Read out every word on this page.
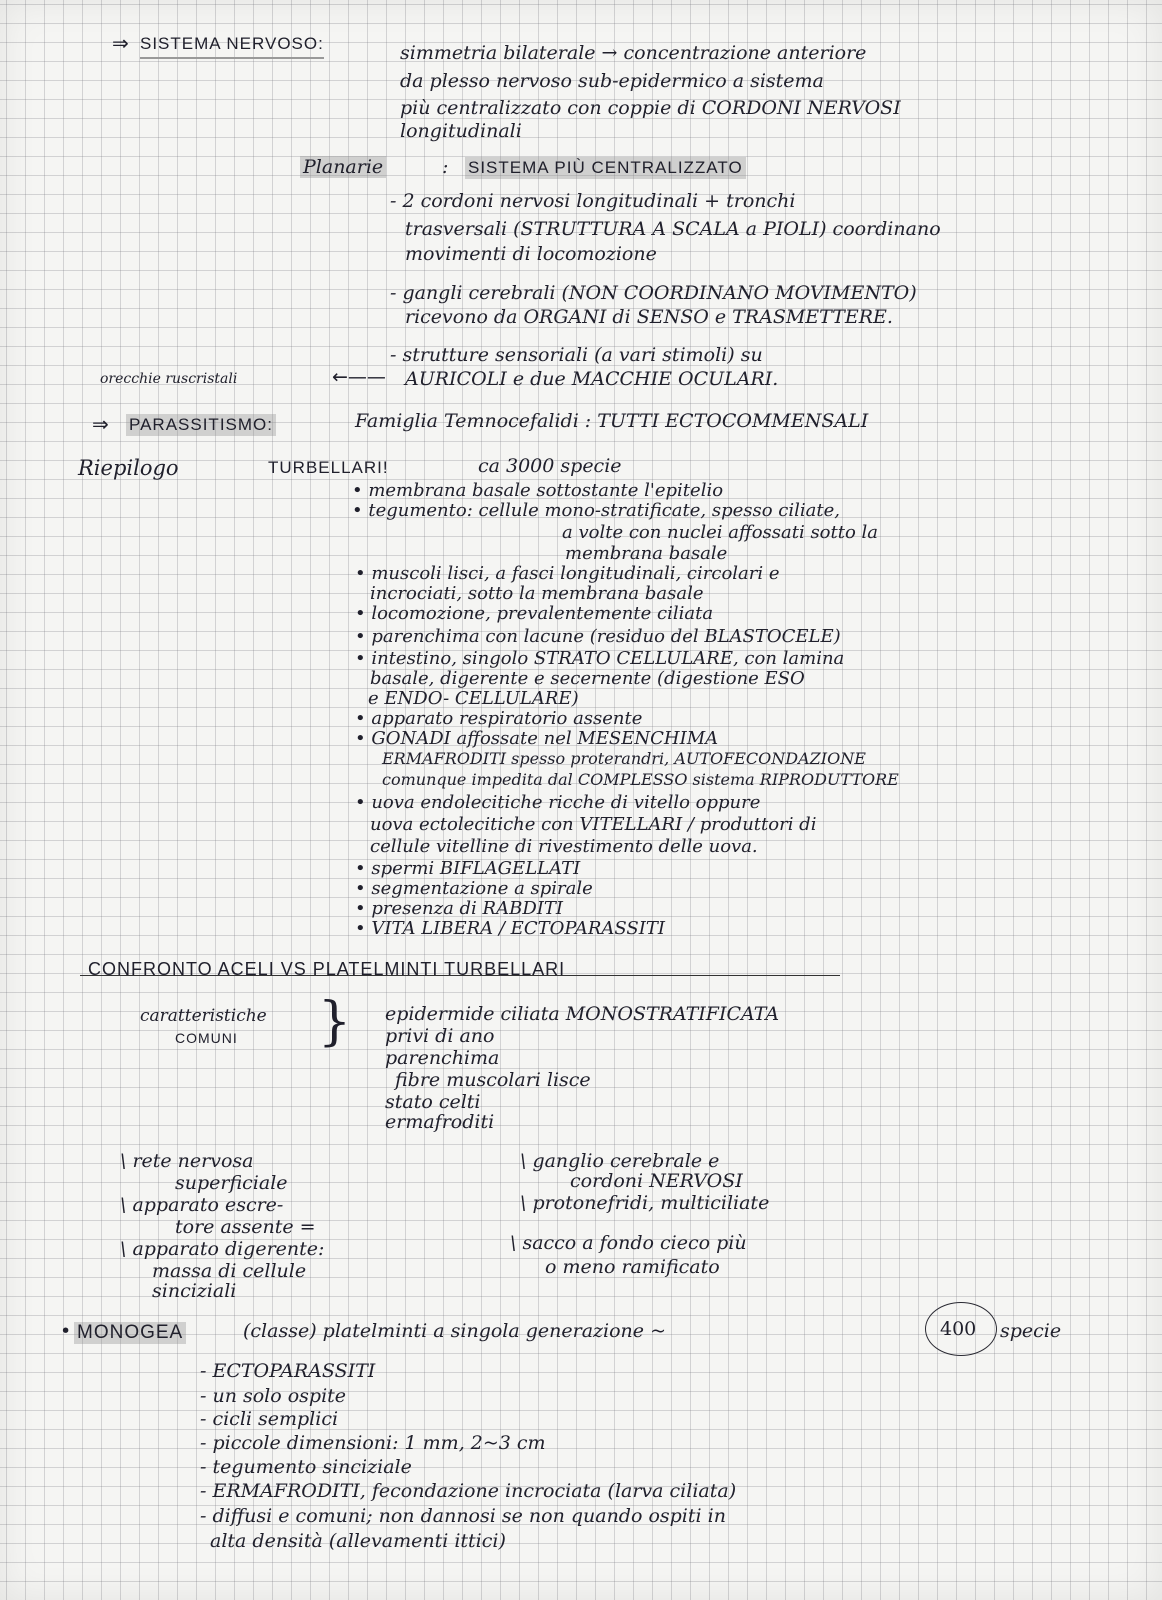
⇒ SISTEMA NERVOSO:	simmetria bilaterale → concentrazione anteriore
da plesso nervoso sub-epidermico a sistema
più centralizzato con coppie di CORDONI NERVOSI
longitudinali
Planarie	: SISTEMA PIÙ CENTRALIZZATO
- 2 cordoni nervosi longitudinali + tronchi
trasversali (STRUTTURA A SCALA a PIOLI) coordinano
movimenti di locomozione
- gangli cerebrali (NON COORDINANO MOVIMENTO)
ricevono da ORGANI di SENSO e TRASMETTERE.
- strutture sensoriali (a vari stimoli) su
AURICOLI e due MACCHIE OCULARI.
orecchie ruscristali	←——
⇒ PARASSITISMO:	Famiglia Temnocefalidi : TUTTI ECTOCOMMENSALI
Riepilogo	TURBELLARI!	ca 3000 specie
• membrana basale sottostante l'epitelio
• tegumento: cellule mono-stratificate, spesso ciliate,
a volte con nuclei affossati sotto la
membrana basale
• muscoli lisci, a fasci longitudinali, circolari e
incrociati, sotto la membrana basale
• locomozione, prevalentemente ciliata
• parenchima con lacune (residuo del BLASTOCELE)
• intestino, singolo STRATO CELLULARE, con lamina
basale, digerente e secernente (digestione ESO
e ENDO- CELLULARE)
• apparato respiratorio assente
• GONADI affossate nel MESENCHIMA
ERMAFRODITI spesso proterandri, AUTOFECONDAZIONE
comunque impedita dal COMPLESSO sistema RIPRODUTTORE
• uova endolecitiche ricche di vitello oppure
uova ectolecitiche con VITELLARI / produttori di
cellule vitelline di rivestimento delle uova.
• spermi BIFLAGELLATI
• segmentazione a spirale
• presenza di RABDITI
• VITA LIBERA / ECTOPARASSITI
CONFRONTO ACELI VS PLATELMINTI TURBELLARI
caratteristiche
COMUNI } epidermide ciliata MONOSTRATIFICATA
privi di ano
parenchima
fibre muscolari lisce
stato celti
ermafroditi
\ rete nervosa
superficiale
\ apparato escre-
tore assente =
\ apparato digerente:
massa di cellule
sinciziali
\ ganglio cerebrale e
cordoni NERVOSI
\ protonefridi, multiciliate
\ sacco a fondo cieco più
o meno ramificato
• MONOGEA	(classe) platelminti a singola generazione ~	400 specie
- ECTOPARASSITI
- un solo ospite
- cicli semplici
- piccole dimensioni: 1 mm, 2~3 cm
- tegumento sinciziale
- ERMAFRODITI, fecondazione incrociata (larva ciliata)
- diffusi e comuni; non dannosi se non quando ospiti in
alta densità (allevamenti ittici)
